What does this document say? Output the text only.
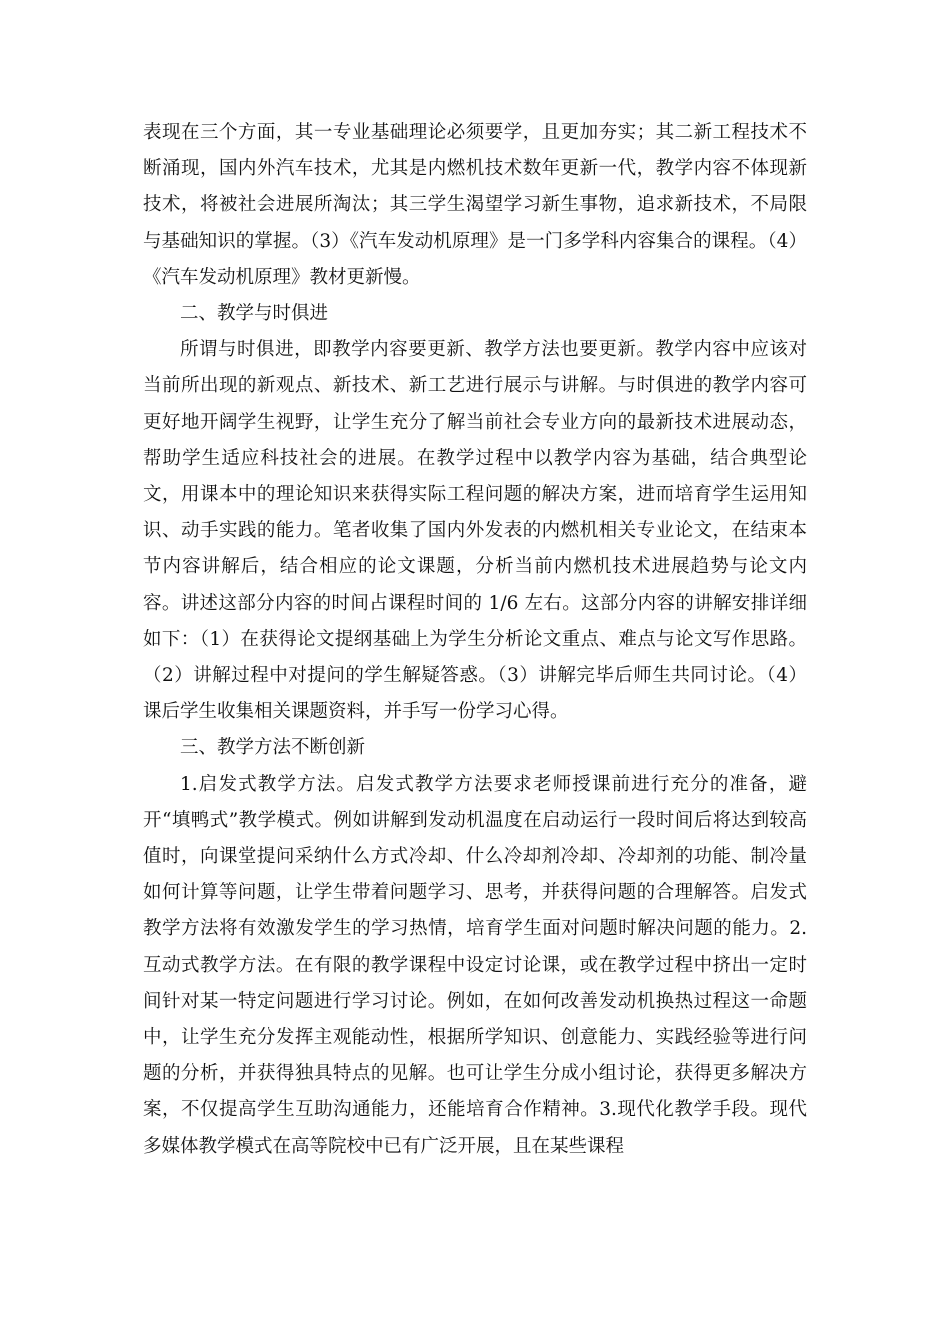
表现在三个方面，其一专业基础理论必须要学，且更加夯实；其二新工程技术不断涌现，国内外汽车技术，尤其是内燃机技术数年更新一代，教学内容不体现新技术，将被社会进展所淘汰；其三学生渴望学习新生事物，追求新技术，不局限与基础知识的掌握。（3）《汽车发动机原理》是一门多学科内容集合的课程。（4）《汽车发动机原理》教材更新慢。

二、教学与时俱进

所谓与时俱进，即教学内容要更新、教学方法也要更新。教学内容中应该对当前所出现的新观点、新技术、新工艺进行展示与讲解。与时俱进的教学内容可更好地开阔学生视野，让学生充分了解当前社会专业方向的最新技术进展动态，帮助学生适应科技社会的进展。在教学过程中以教学内容为基础，结合典型论文，用课本中的理论知识来获得实际工程问题的解决方案，进而培育学生运用知识、动手实践的能力。笔者收集了国内外发表的内燃机相关专业论文，在结束本节内容讲解后，结合相应的论文课题，分析当前内燃机技术进展趋势与论文内容。讲述这部分内容的时间占课程时间的 1/6 左右。这部分内容的讲解安排详细如下：（1）在获得论文提纲基础上为学生分析论文重点、难点与论文写作思路。（2）讲解过程中对提问的学生解疑答惑。（3）讲解完毕后师生共同讨论。（4）课后学生收集相关课题资料，并手写一份学习心得。

三、教学方法不断创新

1.启发式教学方法。启发式教学方法要求老师授课前进行充分的准备，避开“填鸭式”教学模式。例如讲解到发动机温度在启动运行一段时间后将达到较高值时，向课堂提问采纳什么方式冷却、什么冷却剂冷却、冷却剂的功能、制冷量如何计算等问题，让学生带着问题学习、思考，并获得问题的合理解答。启发式教学方法将有效激发学生的学习热情，培育学生面对问题时解决问题的能力。2.互动式教学方法。在有限的教学课程中设定讨论课，或在教学过程中挤出一定时间针对某一特定问题进行学习讨论。例如，在如何改善发动机换热过程这一命题中，让学生充分发挥主观能动性，根据所学知识、创意能力、实践经验等进行问题的分析，并获得独具特点的见解。也可让学生分成小组讨论，获得更多解决方案，不仅提高学生互助沟通能力，还能培育合作精神。3.现代化教学手段。现代多媒体教学模式在高等院校中已有广泛开展，且在某些课程
